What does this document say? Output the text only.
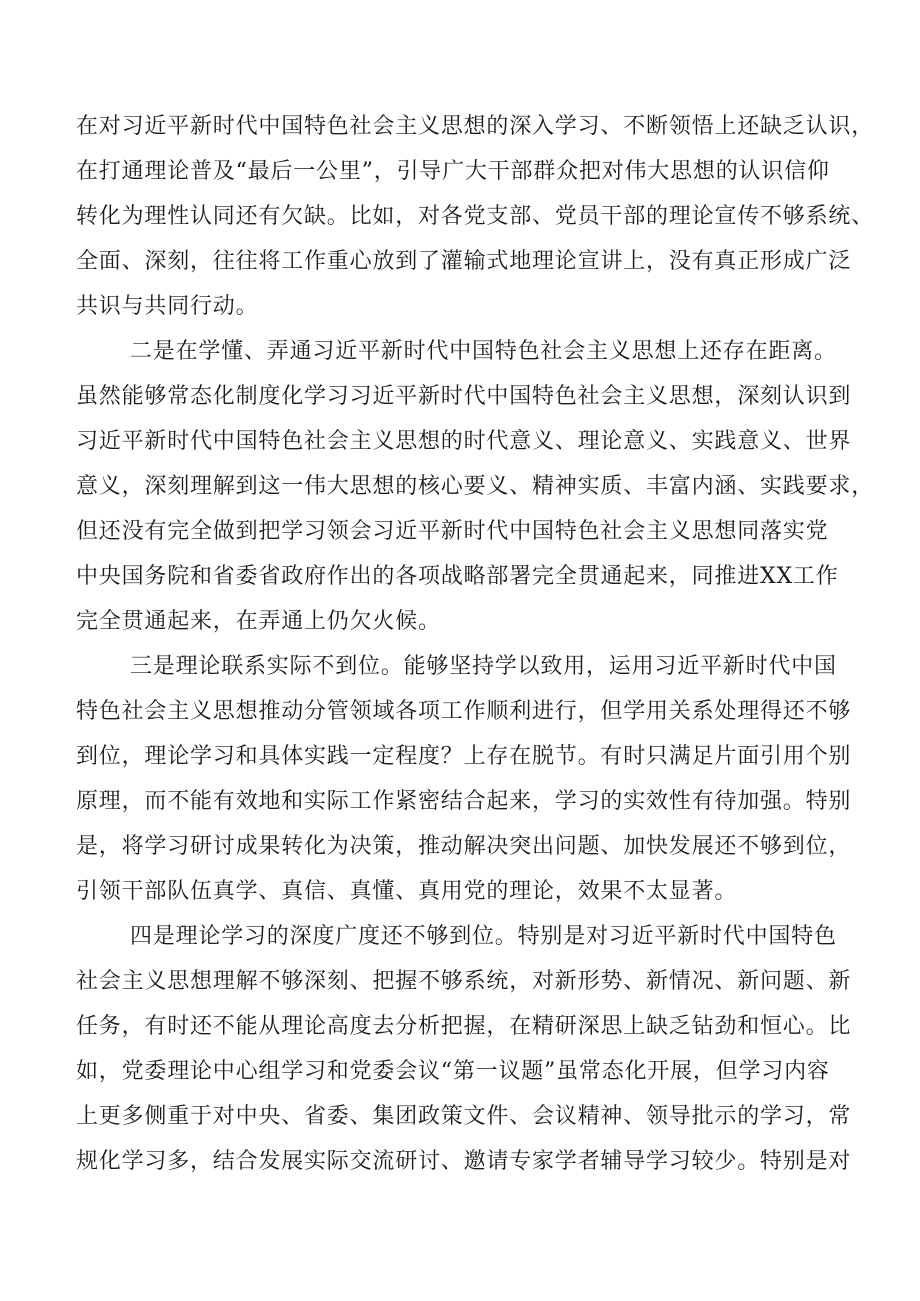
在对习近平新时代中国特色社会主义思想的深入学习、不断领悟上还缺乏认识，
在打通理论普及“最后一公里”，引导广大干部群众把对伟大思想的认识信仰
转化为理性认同还有欠缺。比如，对各党支部、党员干部的理论宣传不够系统、
全面、深刻，往往将工作重心放到了灌输式地理论宣讲上，没有真正形成广泛
共识与共同行动。
二是在学懂、弄通习近平新时代中国特色社会主义思想上还存在距离。
虽然能够常态化制度化学习习近平新时代中国特色社会主义思想，深刻认识到
习近平新时代中国特色社会主义思想的时代意义、理论意义、实践意义、世界
意义，深刻理解到这一伟大思想的核心要义、精神实质、丰富内涵、实践要求，
但还没有完全做到把学习领会习近平新时代中国特色社会主义思想同落实党
中央国务院和省委省政府作出的各项战略部署完全贯通起来，同推进XX工作
完全贯通起来，在弄通上仍欠火候。
三是理论联系实际不到位。能够坚持学以致用，运用习近平新时代中国
特色社会主义思想推动分管领域各项工作顺利进行，但学用关系处理得还不够
到位，理论学习和具体实践一定程度？上存在脱节。有时只满足片面引用个别
原理，而不能有效地和实际工作紧密结合起来，学习的实效性有待加强。特别
是，将学习研讨成果转化为决策，推动解决突出问题、加快发展还不够到位，
引领干部队伍真学、真信、真懂、真用党的理论，效果不太显著。
四是理论学习的深度广度还不够到位。特别是对习近平新时代中国特色
社会主义思想理解不够深刻、把握不够系统，对新形势、新情况、新问题、新
任务，有时还不能从理论高度去分析把握，在精研深思上缺乏钻劲和恒心。比
如，党委理论中心组学习和党委会议“第一议题”虽常态化开展，但学习内容
上更多侧重于对中央、省委、集团政策文件、会议精神、领导批示的学习，常
规化学习多，结合发展实际交流研讨、邀请专家学者辅导学习较少。特别是对
